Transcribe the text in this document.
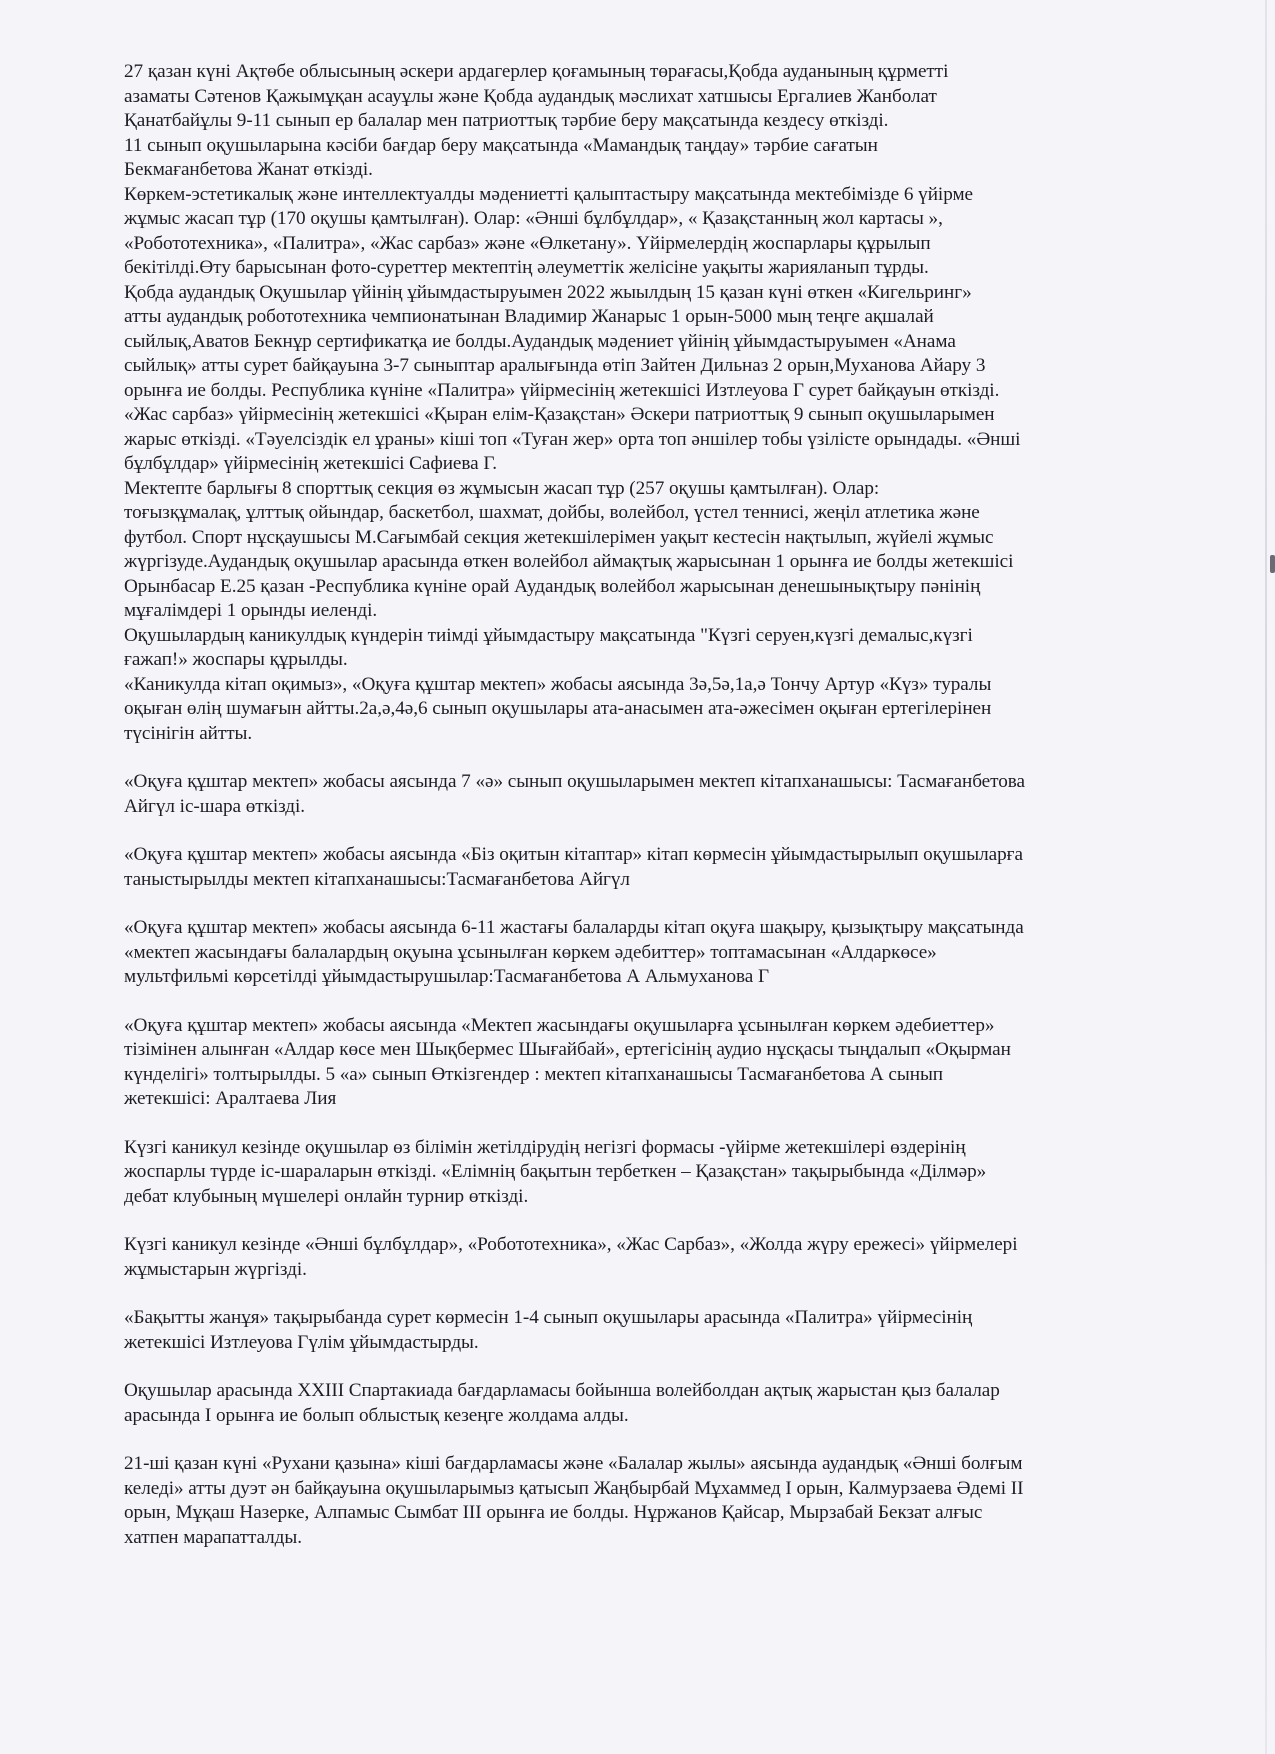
27 қазан күні Ақтөбе облысының әскери ардагерлер қоғамының төрағасы,Қобда ауданының құрметті
азаматы Сәтенов Қажымұқан асауұлы және Қобда аудандық мәслихат хатшысы Ергалиев Жанболат
Қанатбайұлы 9-11 сынып ер балалар мен патриоттық тәрбие беру мақсатында кездесу өткізді.

11 сынып оқушыларына кәсіби бағдар беру мақсатында «Мамандық таңдау» тәрбие сағатын
Бекмағанбетова Жанат өткізді.

Көркем-эстетикалық және интеллектуалды мәдениетті қалыптастыру мақсатында мектебімізде 6 үйірме
жұмыс жасап тұр (170 оқушы қамтылған). Олар: «Әнші бұлбұлдар», « Қазақстанның жол картасы »,
«Робототехника», «Палитра», «Жас сарбаз» және «Өлкетану». Үйірмелердің жоспарлары құрылып
бекітілді.Өту барысынан фото-суреттер мектептің әлеуметтік желісіне уақыты жарияланып тұрды.

Қобда аудандық Оқушылар үйінің ұйымдастыруымен 2022 жыылдың 15 қазан күні өткен «Кигельринг»
атты аудандық робототехника чемпионатынан Владимир Жанарыс 1 орын-5000 мың теңге ақшалай
сыйлық,Аватов Бекнұр сертификатқа ие болды.Аудандық мәдениет үйінің ұйымдастыруымен «Анама
сыйлық» атты сурет байқауына 3-7 сыныптар аралығында өтіп Зайтен Дильназ 2 орын,Муханова Айару 3
орынға ие болды. Республика күніне «Палитра» үйірмесінің жетекшісі Изтлеуова Г сурет байқауын өткізді.
«Жас сарбаз» үйірмесінің жетекшісі «Қыран елім-Қазақстан» Әскери патриоттық 9 сынып оқушыларымен
жарыс өткізді. «Тәуелсіздік ел ұраны» кіші топ «Туған жер» орта топ әншілер тобы үзілісте орындады. «Әнші
бұлбұлдар» үйірмесінің жетекшісі Сафиева Г.

Мектепте барлығы 8 спорттық секция өз жұмысын жасап тұр (257 оқушы қамтылған). Олар:
тоғызқұмалақ, ұлттық ойындар, баскетбол, шахмат, дойбы, волейбол, үстел теннисі, жеңіл атлетика және
футбол. Спорт нұсқаушысы М.Сағымбай секция жетекшілерімен уақыт кестесін нақтылып, жүйелі жұмыс
жүргізуде.Аудандық оқушылар арасында өткен волейбол аймақтық жарысынан 1 орынға ие болды жетекшісі
Орынбасар Е.25 қазан -Республика күніне орай Аудандық волейбол жарысынан денешынықтыру пәнінің
мұғалімдері 1 орынды иеленді.

Оқушылардың каникулдық күндерін тиімді ұйымдастыру мақсатында "Күзгі серуен,күзгі демалыс,күзгі
ғажап!» жоспары құрылды.

«Каникулда кітап оқимыз», «Оқуға құштар мектеп» жобасы аясында 3ә,5ә,1а,ә Тончу Артур «Күз» туралы
оқыған өлің шумағын айтты.2а,ә,4ә,6 сынып оқушылары ата-анасымен ата-әжесімен оқыған ертегілерінен
түсінігін айтты.

«Оқуға құштар мектеп» жобасы аясында 7 «ә» сынып оқушыларымен мектеп кітапханашысы: Тасмағанбетова
Айгүл іс-шара өткізді.

«Оқуға құштар мектеп» жобасы аясында «Біз оқитын кітаптар» кітап көрмесін ұйымдастырылып оқушыларға
таныстырылды мектеп кітапханашысы:Тасмағанбетова Айгүл

«Оқуға құштар мектеп» жобасы аясында 6-11 жастағы балаларды кітап оқуға шақыру, қызықтыру мақсатында
«мектеп жасындағы балалардың оқуына ұсынылған көркем әдебиттер» топтамасынан «Алдаркөсе»
мультфильмі көрсетілді ұйымдастырушылар:Тасмағанбетова А Альмуханова Г

«Оқуға құштар мектеп» жобасы аясында «Мектеп жасындағы оқушыларға ұсынылған көркем әдебиеттер»
тізімінен алынған «Алдар көсе мен Шықбермес Шығайбай», ертегісінің аудио нұсқасы тыңдалып «Оқырман
күнделігі» толтырылды. 5 «а» сынып Өткізгендер : мектеп кітапханашысы Тасмағанбетова А сынып
жетекшісі: Аралтаева Лия

Күзгі каникул кезінде оқушылар өз білімін жетілдірудің негізгі формасы -үйірме жетекшілері өздерінің
жоспарлы түрде іс-шараларын өткізді. «Елімнің бақытын тербеткен – Қазақстан» тақырыбында «Ділмәр»
дебат клубының мүшелері онлайн турнир өткізді.

Күзгі каникул кезінде «Әнші бұлбұлдар», «Робототехника», «Жас Сарбаз», «Жолда жүру ережесі» үйірмелері
жұмыстарын жүргізді.

«Бақытты жанұя» тақырыбанда сурет көрмесін 1-4 сынып оқушылары арасында «Палитра» үйірмесінің
жетекшісі Изтлеуова Гүлім ұйымдастырды.

Оқушылар арасында XXIII Спартакиада бағдарламасы бойынша волейболдан ақтық жарыстан қыз балалар
арасында I орынға ие болып облыстық кезеңге жолдама алды.

21-ші қазан күні «Рухани қазына» кіші бағдарламасы және «Балалар жылы» аясында аудандық «Әнші болғым
келеді» атты дуэт ән байқауына оқушыларымыз қатысып Жаңбырбай Мұхаммед I орын, Калмурзаева Әдемі II
орын, Мұқаш Назерке, Алпамыс Сымбат III орынға ие болды. Нұржанов Қайсар, Мырзабай Бекзат алғыс
хатпен марапатталды.
